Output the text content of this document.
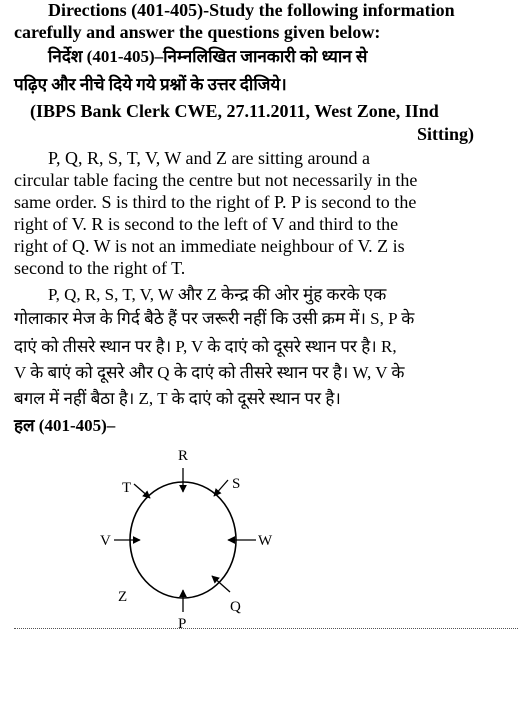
Directions (401-405)-Study the following information
carefully and answer the questions given below:
निर्देश (401-405)–निम्नलिखित जानकारी को ध्यान से
पढ़िए और नीचे दिये गये प्रश्नों के उत्तर दीजिये।
(IBPS Bank Clerk CWE, 27.11.2011, West Zone, IInd
Sitting)
P, Q, R, S, T, V, W and Z are sitting around a
circular table facing the centre but not necessarily in the
same order. S is third to the right of P. P is second to the
right of V. R is second to the left of V and third to the
right of Q. W is not an immediate neighbour of V. Z is
second to the right of T.
P, Q, R, S, T, V, W और Z केन्द्र की ओर मुंह करके एक
गोलाकार मेज के गिर्द बैठे हैं पर जरूरी नहीं कि उसी क्रम में। S, P के
दाएं को तीसरे स्थान पर है। P, V के दाएं को दूसरे स्थान पर है। R,
V के बाएं को दूसरे और Q के दाएं को तीसरे स्थान पर है। W, V के
बगल में नहीं बैठा है। Z, T के दाएं को दूसरे स्थान पर है।
हल (401-405)–
R
S
W
Q
P
Z
V
T
